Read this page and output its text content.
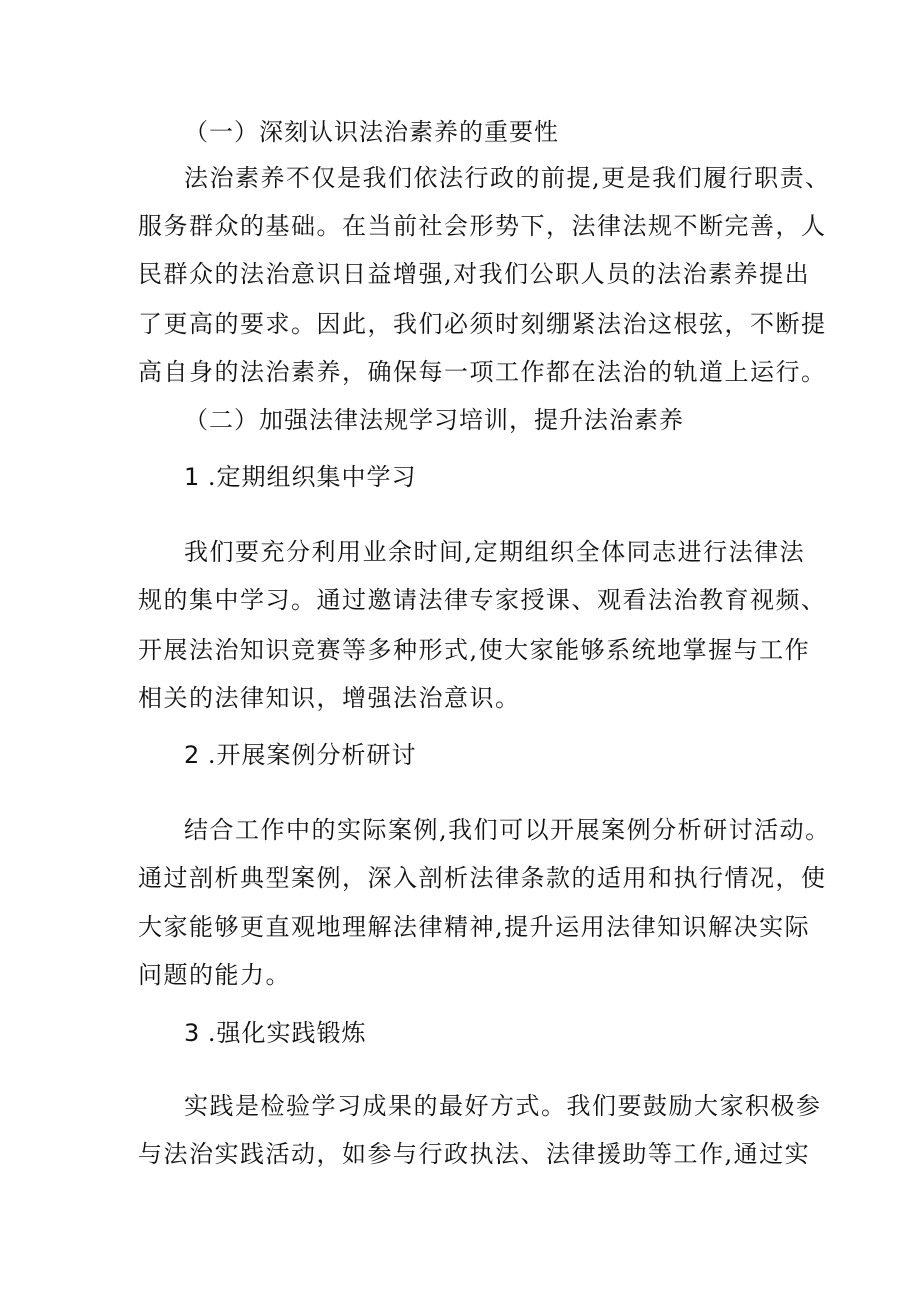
（一）深刻认识法治素养的重要性
法治素养不仅是我们依法行政的前提,更是我们履行职责、
服务群众的基础。在当前社会形势下，法律法规不断完善，人
民群众的法治意识日益增强,对我们公职人员的法治素养提出
了更高的要求。因此，我们必须时刻绷紧法治这根弦，不断提
高自身的法治素养，确保每一项工作都在法治的轨道上运行。
（二）加强法律法规学习培训，提升法治素养
1 .定期组织集中学习
我们要充分利用业余时间,定期组织全体同志进行法律法
规的集中学习。通过邀请法律专家授课、观看法治教育视频、
开展法治知识竞赛等多种形式,使大家能够系统地掌握与工作
相关的法律知识，增强法治意识。
2 .开展案例分析研讨
结合工作中的实际案例,我们可以开展案例分析研讨活动。
通过剖析典型案例，深入剖析法律条款的适用和执行情况，使
大家能够更直观地理解法律精神,提升运用法律知识解决实际
问题的能力。
3 .强化实践锻炼
实践是检验学习成果的最好方式。我们要鼓励大家积极参
与法治实践活动，如参与行政执法、法律援助等工作,通过实
